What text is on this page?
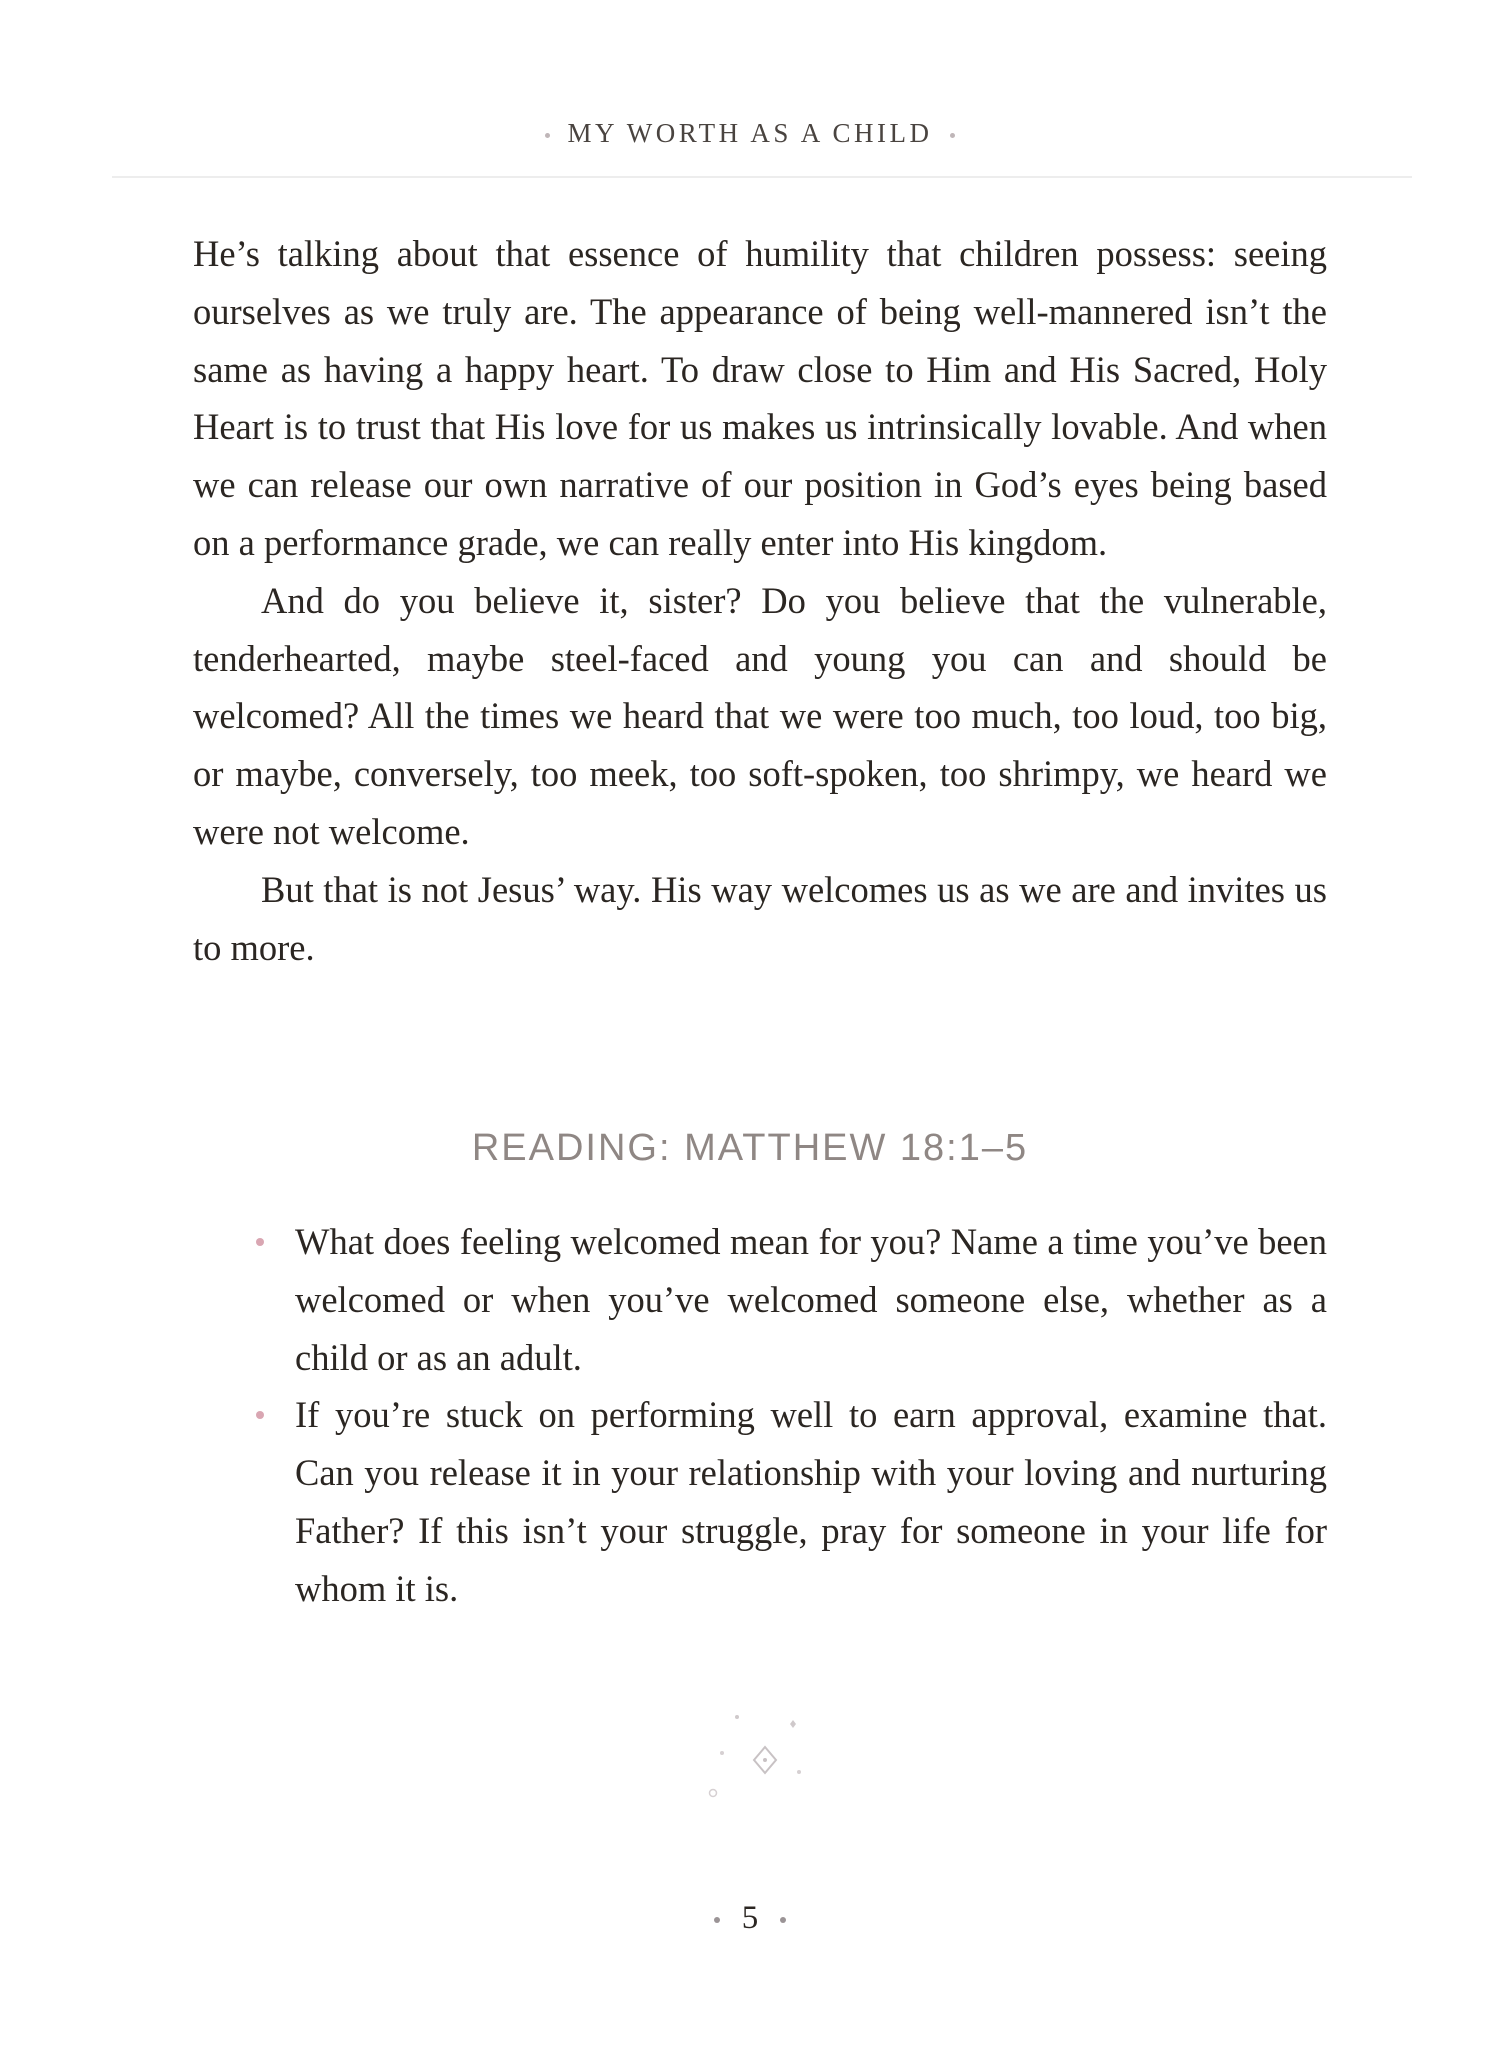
MY WORTH AS A CHILD

He’s talking about that essence of humility that children possess: seeing ourselves as we truly are. The appearance of being well-mannered isn’t the same as having a happy heart. To draw close to Him and His Sacred, Holy Heart is to trust that His love for us makes us intrinsically lovable. And when we can release our own narrative of our position in God’s eyes being based on a performance grade, we can really enter into His kingdom.

And do you believe it, sister? Do you believe that the vulnerable, tenderhearted, maybe steel-faced and young you can and should be welcomed? All the times we heard that we were too much, too loud, too big, or maybe, conversely, too meek, too soft-spoken, too shrimpy, we heard we were not welcome.

But that is not Jesus’ way. His way welcomes us as we are and invites us to more.

READING: MATTHEW 18:1–5
What does feeling welcomed mean for you? Name a time you’ve been welcomed or when you’ve welcomed someone else, whether as a child or as an adult.
If you’re stuck on performing well to earn approval, examine that. Can you release it in your relationship with your loving and nurturing Father? If this isn’t your struggle, pray for someone in your life for whom it is.
5
